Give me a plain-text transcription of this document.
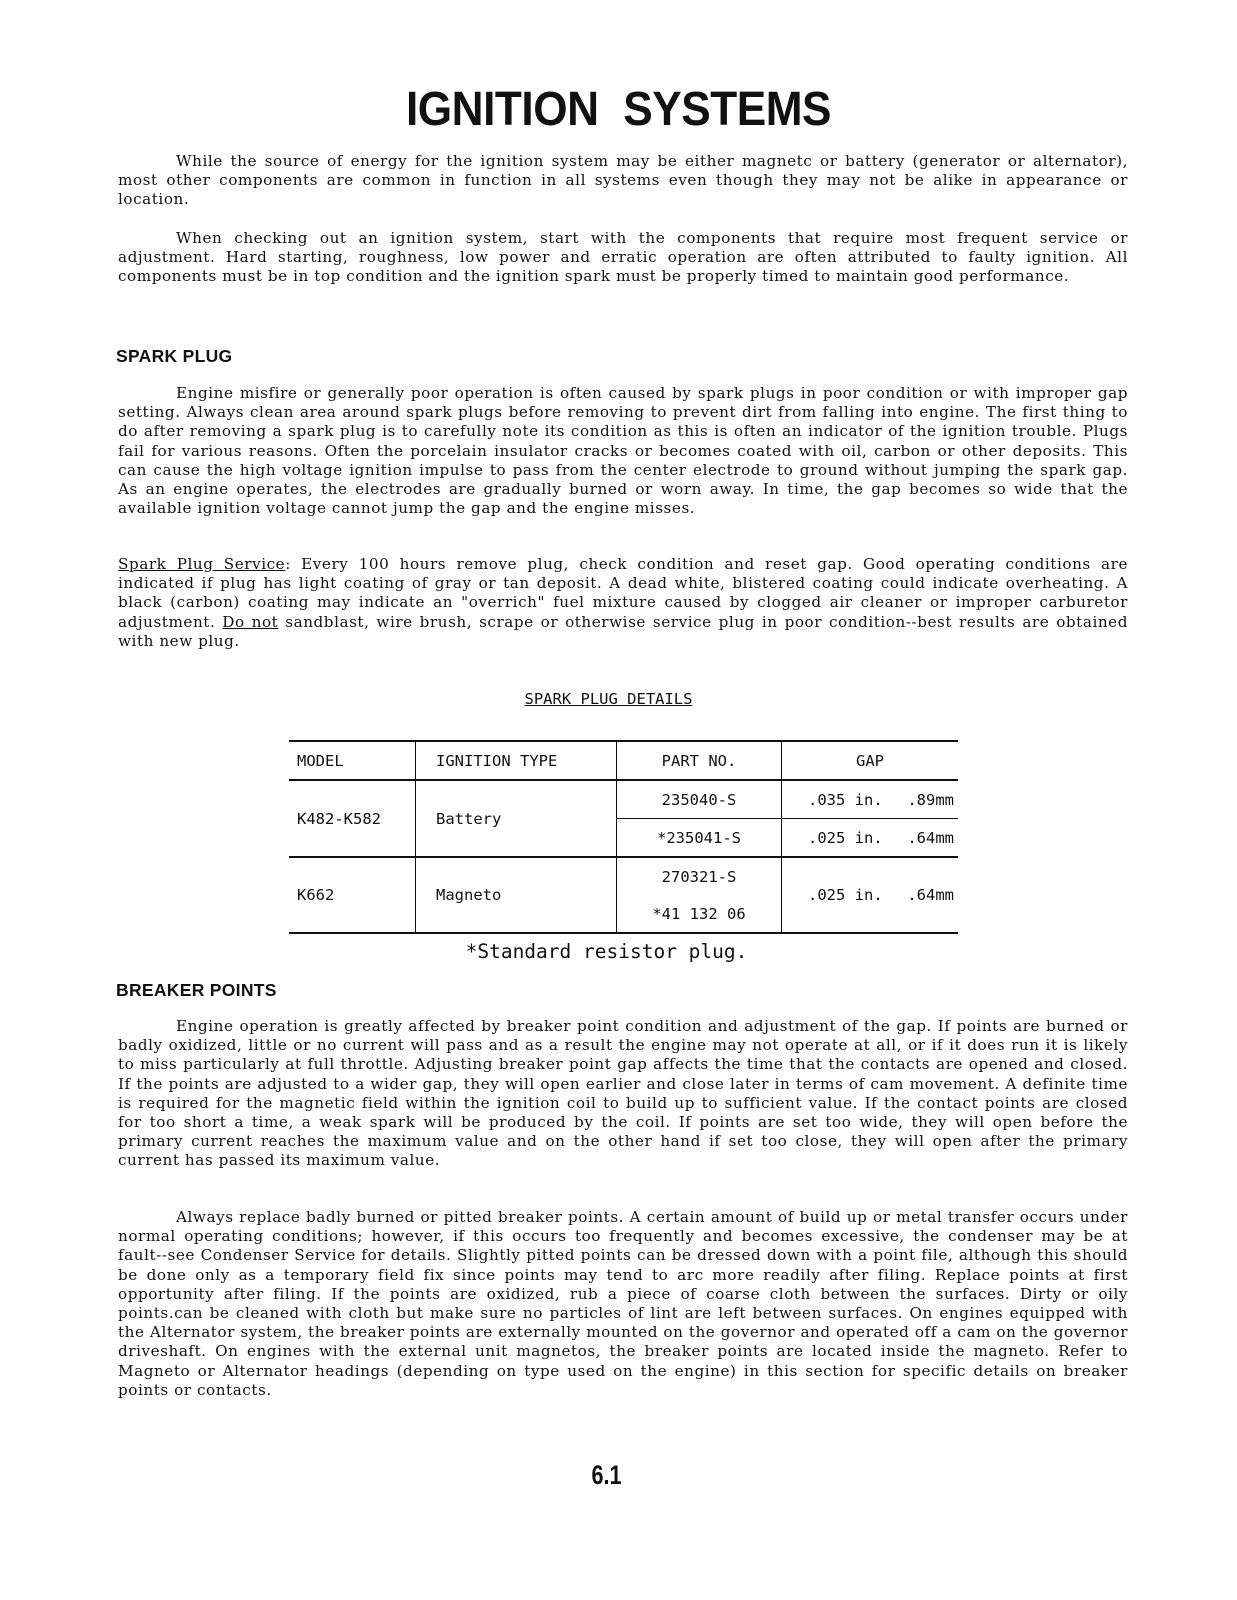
IGNITION SYSTEMS

While the source of energy for the ignition system may be either magnetc or battery (generator or alternator), most other components are common in function in all systems even though they may not be alike in appearance or location.

When checking out an ignition system, start with the components that require most frequent service or adjustment. Hard starting, roughness, low power and erratic operation are often attributed to faulty ignition. All components must be in top condition and the ignition spark must be properly timed to maintain good performance.

SPARK PLUG

Engine misfire or generally poor operation is often caused by spark plugs in poor condition or with improper gap setting. Always clean area around spark plugs before removing to prevent dirt from falling into engine. The first thing to do after removing a spark plug is to carefully note its condition as this is often an indicator of the ignition trouble. Plugs fail for various reasons. Often the porcelain insulator cracks or becomes coated with oil, carbon or other deposits. This can cause the high voltage ignition impulse to pass from the center electrode to ground without jumping the spark gap. As an engine operates, the electrodes are gradually burned or worn away. In time, the gap becomes so wide that the available ignition voltage cannot jump the gap and the engine misses.

Spark Plug Service: Every 100 hours remove plug, check condition and reset gap. Good operating conditions are indicated if plug has light coating of gray or tan deposit. A dead white, blistered coating could indicate overheating. A black (carbon) coating may indicate an "overrich" fuel mixture caused by clogged air cleaner or improper carburetor adjustment. Do not sandblast, wire brush, scrape or otherwise service plug in poor condition--best results are obtained with new plug.

SPARK PLUG DETAILS
MODEL	IGNITION TYPE	PART NO.	GAP
K482-K582	Battery	235040-S	.035 in. .89mm

		*235041-S	.025 in. .64mm

K662	Magneto	270321-S	.025 in. .64mm

		*41 132 06	
*Standard resistor plug.
BREAKER POINTS

Engine operation is greatly affected by breaker point condition and adjustment of the gap. If points are burned or badly oxidized, little or no current will pass and as a result the engine may not operate at all, or if it does run it is likely to miss particularly at full throttle. Adjusting breaker point gap affects the time that the contacts are opened and closed. If the points are adjusted to a wider gap, they will open earlier and close later in terms of cam movement. A definite time is required for the magnetic field within the ignition coil to build up to sufficient value. If the contact points are closed for too short a time, a weak spark will be produced by the coil. If points are set too wide, they will open before the primary current reaches the maximum value and on the other hand if set too close, they will open after the primary current has passed its maximum value.

Always replace badly burned or pitted breaker points. A certain amount of build up or metal transfer occurs under normal operating conditions; however, if this occurs too frequently and becomes excessive, the condenser may be at fault--see Condenser Service for details. Slightly pitted points can be dressed down with a point file, although this should be done only as a temporary field fix since points may tend to arc more readily after filing. Replace points at first opportunity after filing. If the points are oxidized, rub a piece of coarse cloth between the surfaces. Dirty or oily points.can be cleaned with cloth but make sure no particles of lint are left between surfaces. On engines equipped with the Alternator system, the breaker points are externally mounted on the governor and operated off a cam on the governor driveshaft. On engines with the external unit magnetos, the breaker points are located inside the magneto. Refer to Magneto or Alternator headings (depending on type used on the engine) in this section for specific details on breaker points or contacts.

6.1
